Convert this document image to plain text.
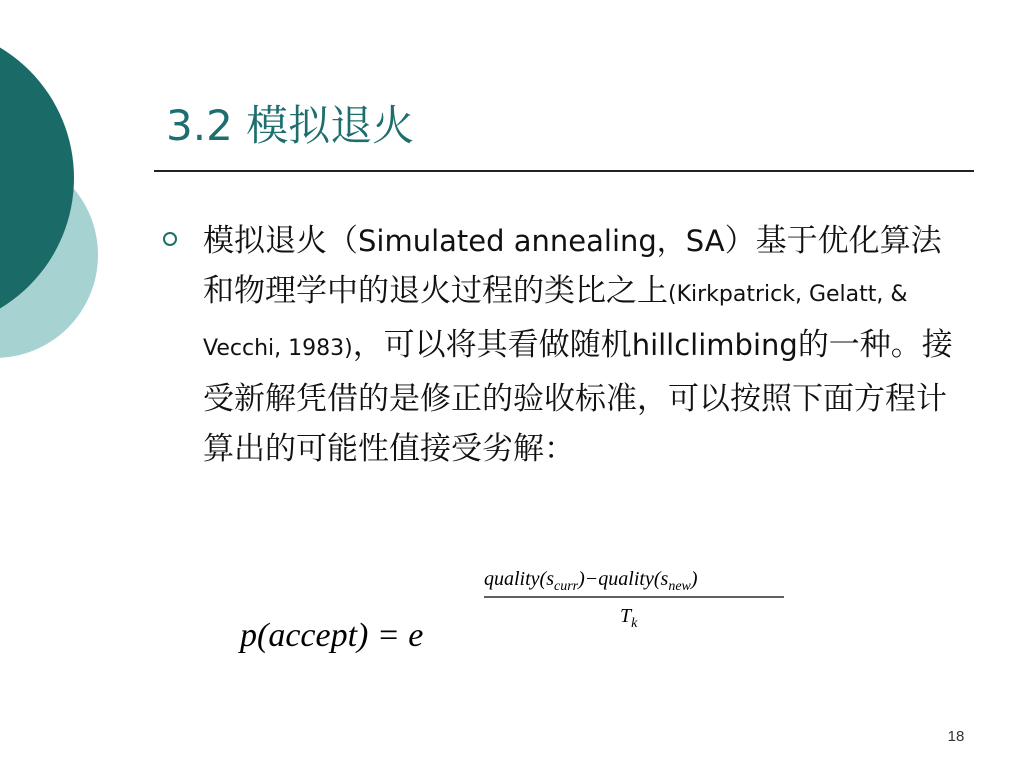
3.2 模拟退火
模拟退火（Simulated annealing，SA）基于优化算法和物理学中的退火过程的类比之上(Kirkpatrick, Gelatt, & Vecchi, 1983)，可以将其看做随机hillclimbing的一种。接受新解凭借的是修正的验收标准，可以按照下面方程计算出的可能性值接受劣解：
p(accept) = e
$quality(s_{curr})-quality(s_{new})$
$T_k$
18
